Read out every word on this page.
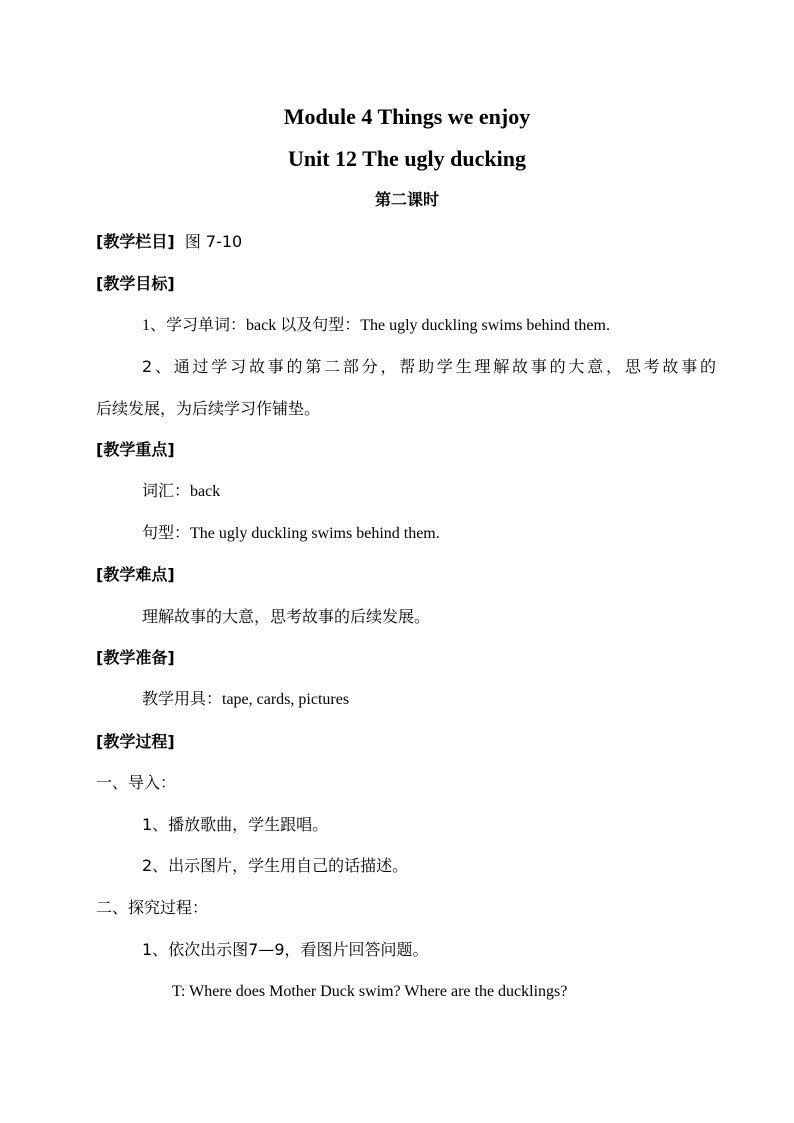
Module 4 Things we enjoy
Unit 12 The ugly ducking
第二课时
[教学栏目] 图 7-10
[教学目标]
1、学习单词：back 以及句型：The ugly duckling swims behind them.
2、通过学习故事的第二部分，帮助学生理解故事的大意，思考故事的
后续发展，为后续学习作铺垫。
[教学重点]
词汇：back
句型：The ugly duckling swims behind them.
[教学难点]
理解故事的大意，思考故事的后续发展。
[教学准备]
教学用具：tape, cards, pictures
[教学过程]
一、导入：
1、播放歌曲，学生跟唱。
2、出示图片，学生用自己的话描述。
二、探究过程：
1、依次出示图7—9，看图片回答问题。
T: Where does Mother Duck swim? Where are the ducklings?
